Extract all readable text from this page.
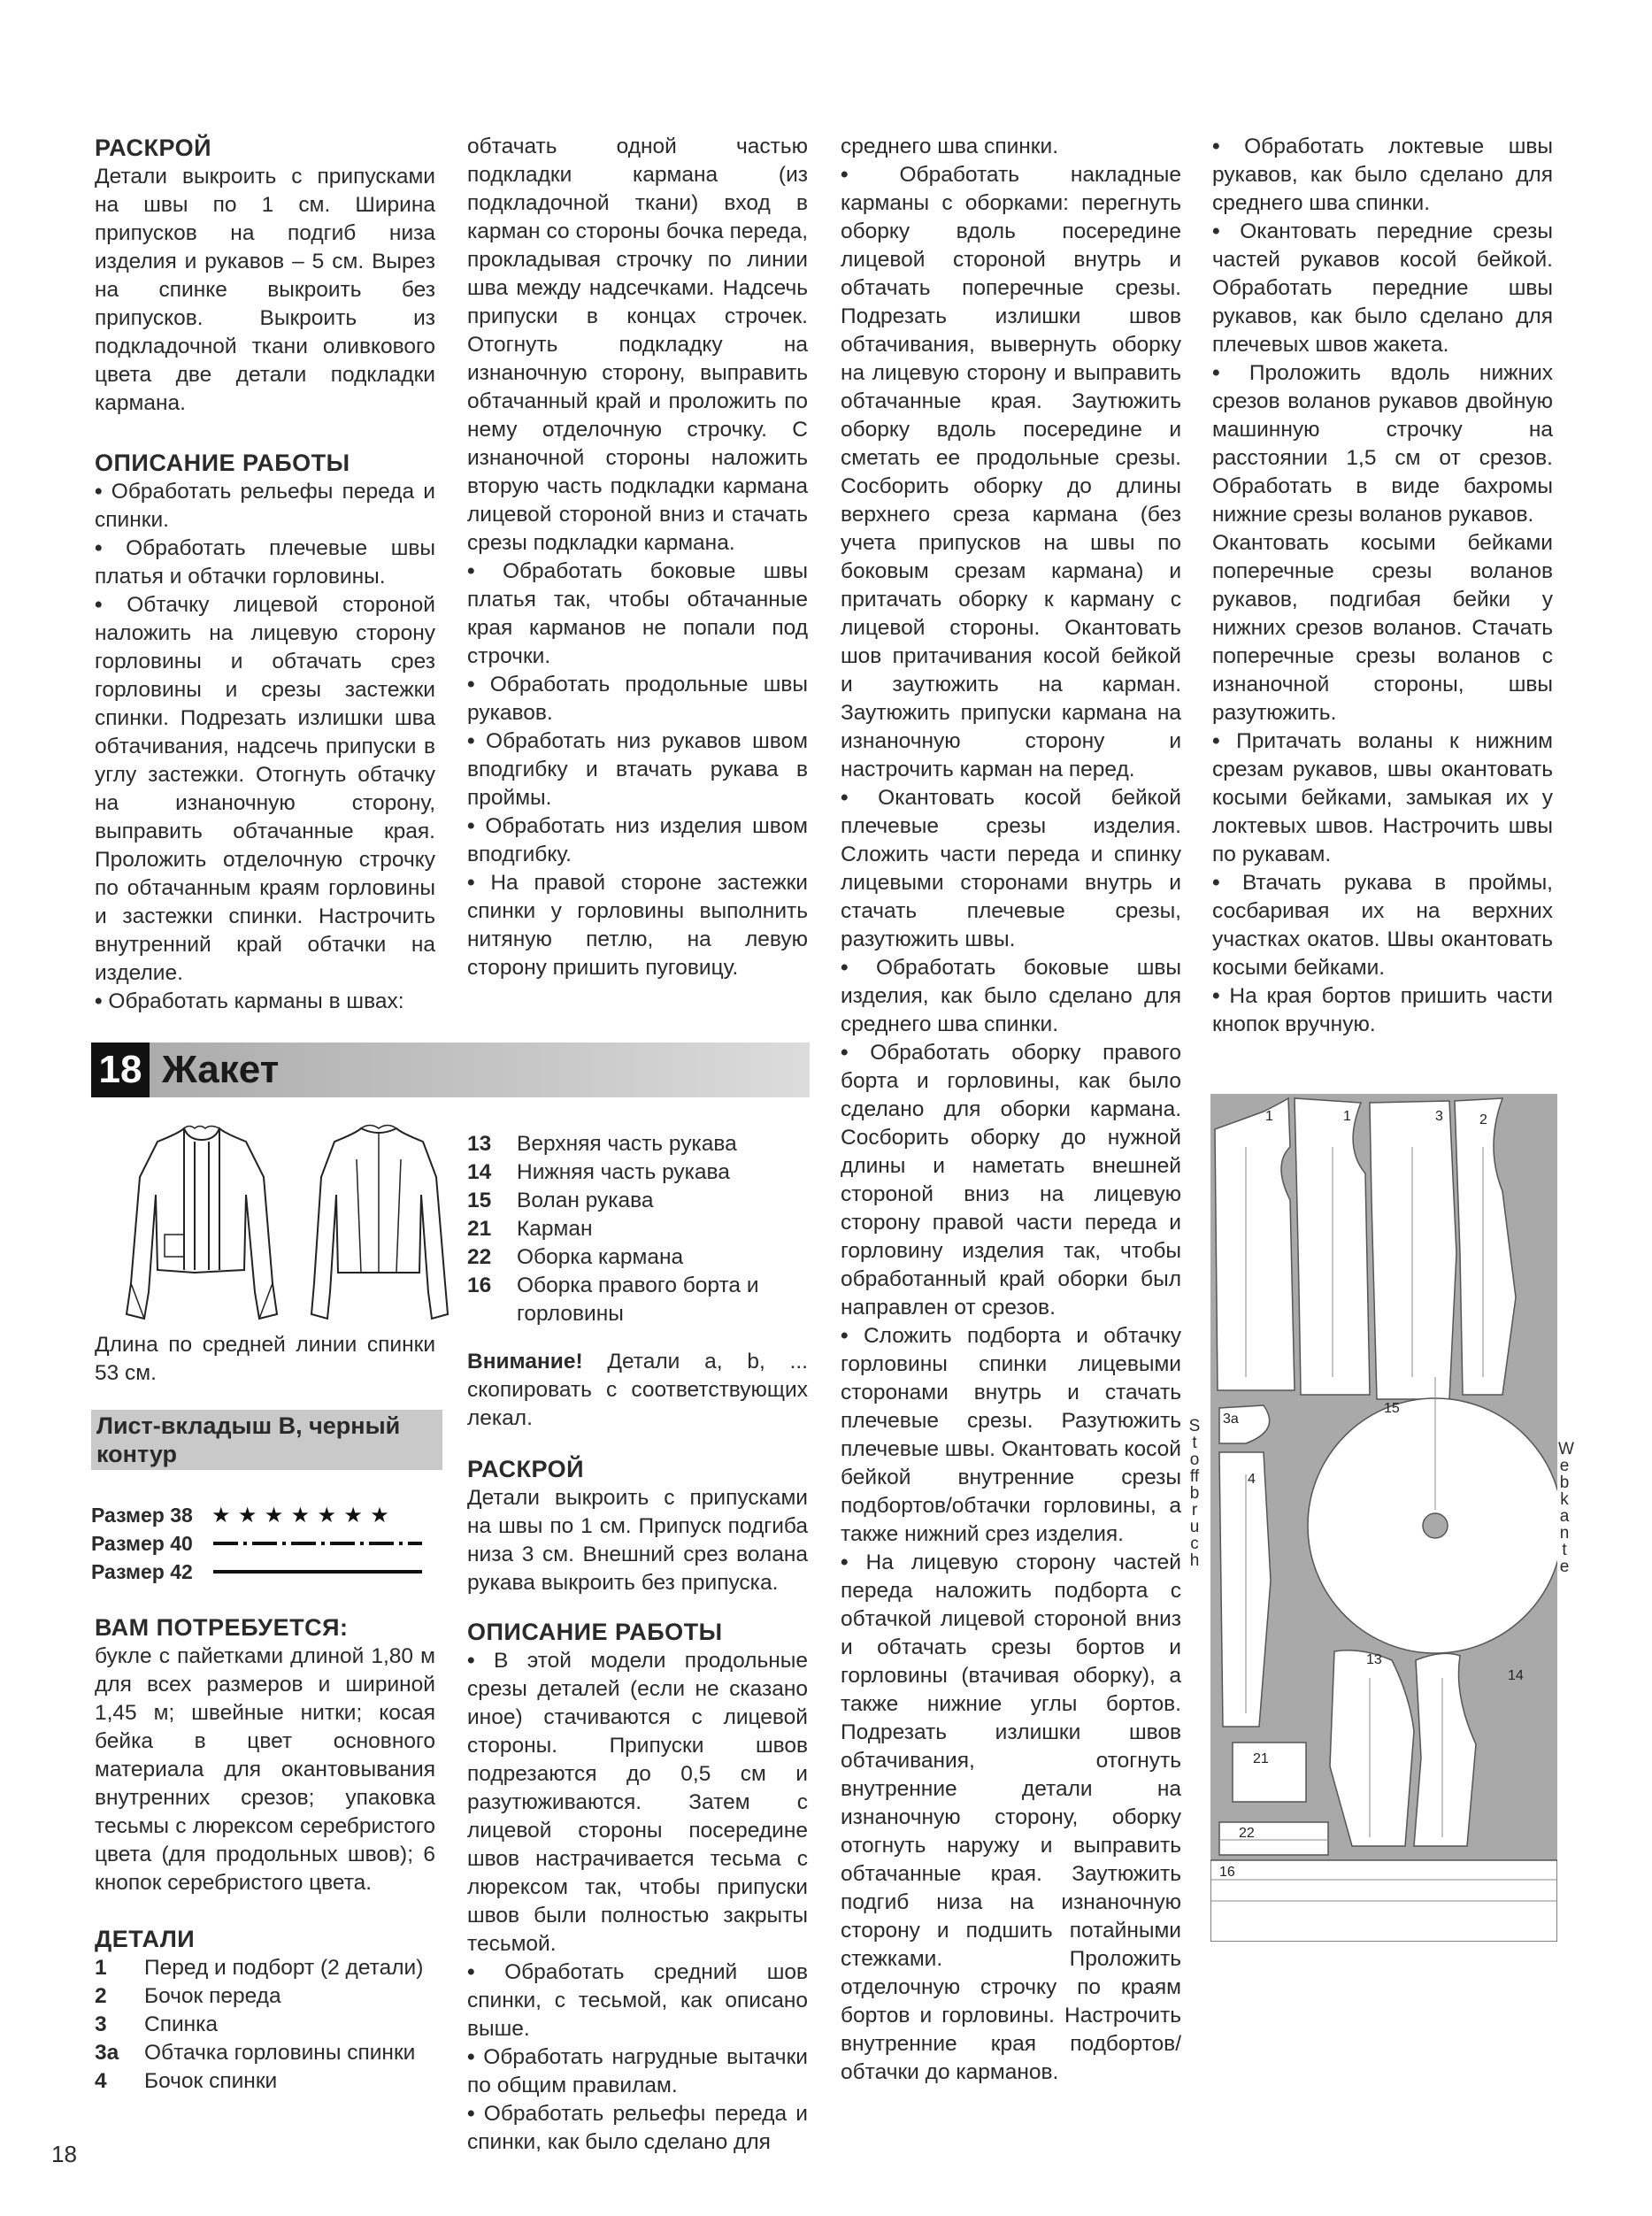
РАСКРОЙ

Детали выкроить с припусками на швы по 1 см. Ширина припусков на подгиб низа изделия и рукавов – 5 см. Вырез на спинке выкроить без припусков. Выкроить из подкладочной ткани оливкового цвета две детали подкладки кармана.

ОПИСАНИЕ РАБОТЫ

• Обработать рельефы переда и спинки.

• Обработать плечевые швы платья и обтачки горловины.

• Обтачку лицевой стороной наложить на лицевую сторону горловины и обтачать срез горловины и срезы застежки спинки. Подрезать излишки шва обтачивания, надсечь припуски в углу застежки. Отогнуть обтачку на изнаночную сторону, выправить обтачанные края. Проложить отделочную строчку по обтачанным краям горловины и застежки спинки. Настрочить внутренний край обтачки на изделие.

• Обработать карманы в швах:

обтачать одной частью подкладки кармана (из подкладочной ткани) вход в карман со стороны бочка переда, прокладывая строчку по линии шва между надсечками. Надсечь припуски в концах строчек. Отогнуть подкладку на изнаночную сторону, выправить обтачанный край и проложить по нему отделочную строчку. С изнаночной стороны наложить вторую часть подкладки кармана лицевой стороной вниз и стачать срезы подкладки кармана.

• Обработать боковые швы платья так, чтобы обтачанные края карманов не попали под строчки.

• Обработать продольные швы рукавов.

• Обработать низ рукавов швом вподгибку и втачать рукава в проймы.

• Обработать низ изделия швом вподгибку.

• На правой стороне застежки спинки у горловины выполнить нитяную петлю, на левую сторону пришить пуговицу.

среднего шва спинки.

• Обработать накладные карманы с оборками: перегнуть оборку вдоль посередине лицевой стороной внутрь и обтачать поперечные срезы. Подрезать излишки швов обтачивания, вывернуть оборку на лицевую сторону и выправить обтачанные края. Заутюжить оборку вдоль посередине и сметать ее продольные срезы. Сосборить оборку до длины верхнего среза кармана (без учета припусков на швы по боковым срезам кармана) и притачать оборку к карману с лицевой стороны. Окантовать шов притачивания косой бейкой и заутюжить на карман. Заутюжить припуски кармана на изнаночную сторону и настрочить карман на перед.

• Окантовать косой бейкой плечевые срезы изделия. Сложить части переда и спинку лицевыми сторонами внутрь и стачать плечевые срезы, разутюжить швы.

• Обработать боковые швы изделия, как было сделано для среднего шва спинки.

• Обработать оборку правого борта и горловины, как было сделано для оборки кармана. Сосборить оборку до нужной длины и наметать внешней стороной вниз на лицевую сторону правой части переда и горловину изделия так, чтобы обработанный край оборки был направлен от срезов.

• Сложить подборта и обтачку горловины спинки лицевыми сторонами внутрь и стачать плечевые срезы. Разутюжить плечевые швы. Окантовать косой бейкой внутренние срезы подбортов/обтачки горловины, а также нижний срез изделия.

• На лицевую сторону частей переда наложить подборта с обтачкой лицевой стороной вниз и обтачать срезы бортов и горловины (втачивая оборку), а также нижние углы бортов. Подрезать излишки швов обтачивания, отогнуть внутренние детали на изнаночную сторону, оборку отогнуть наружу и выправить обтачанные края. Заутюжить подгиб низа на изнаночную сторону и подшить потайными стежками. Проложить отделочную строчку по краям бортов и горловины. Настрочить внутренние края подбортов/обтачки до карманов.

• Обработать локтевые швы рукавов, как было сделано для среднего шва спинки.

• Окантовать передние срезы частей рукавов косой бейкой. Обработать передние швы рукавов, как было сделано для плечевых швов жакета.

• Проложить вдоль нижних срезов воланов рукавов двойную машинную строчку на расстоянии 1,5 см от срезов. Обработать в виде бахромы нижние срезы воланов рукавов.

Окантовать косыми бейками поперечные срезы воланов рукавов, подгибая бейки у нижних срезов воланов. Стачать поперечные срезы воланов с изнаночной стороны, швы разутюжить.

• Притачать воланы к нижним срезам рукавов, швы окантовать косыми бейками, замыкая их у локтевых швов. Настрочить швы по рукавам.

• Втачать рукава в проймы, сосбаривая их на верхних участках окатов. Швы окантовать косыми бейками.

• На края бортов пришить части кнопок вручную.

18 Жакет

Длина по средней линии спинки 53 см.

Лист-вкладыш В, черный контур
Размер 38 ★ ★ ★ ★ ★ ★ ★
Размер 40
Размер 42

ВАМ ПОТРЕБУЕТСЯ:

букле с пайетками длиной 1,80 м для всех размеров и шириной 1,45 м; швейные нитки; косая бейка в цвет основного материала для окантовывания внутренних срезов; упаковка тесьмы с люрексом серебристого цвета (для продольных швов); 6 кнопок серебристого цвета.

ДЕТАЛИ

1	Перед и подборт (2 детали)
2	Бочок переда
3	Спинка
3а	Обтачка горловины спинки
4	Бочок спинки
13	Верхняя часть рукава
14	Нижняя часть рукава
15	Волан рукава
21	Карман
22	Оборка кармана
16	Оборка правого борта и горловины

Внимание! Детали a, b, ... скопировать с соответствующих лекал.

РАСКРОЙ

Детали выкроить с припусками на швы по 1 см. Припуск подгиба низа 3 см. Внешний срез волана рукава выкроить без припуска.

ОПИСАНИЕ РАБОТЫ

• В этой модели продольные срезы деталей (если не сказано иное) стачиваются с лицевой стороны. Припуски швов подрезаются до 0,5 см и разутюживаются. Затем с лицевой стороны посередине швов настрачивается тесьма с люрексом так, чтобы припуски швов были полностью закрыты тесьмой.

• Обработать средний шов спинки, с тесьмой, как описано выше.

• Обработать нагрудные вытачки по общим правилам.

• Обработать рельефы переда и спинки, как было сделано для

1	1	3	2
3а
15
4
13
14
21
22
16
Stoffbruch
Webkante
18
